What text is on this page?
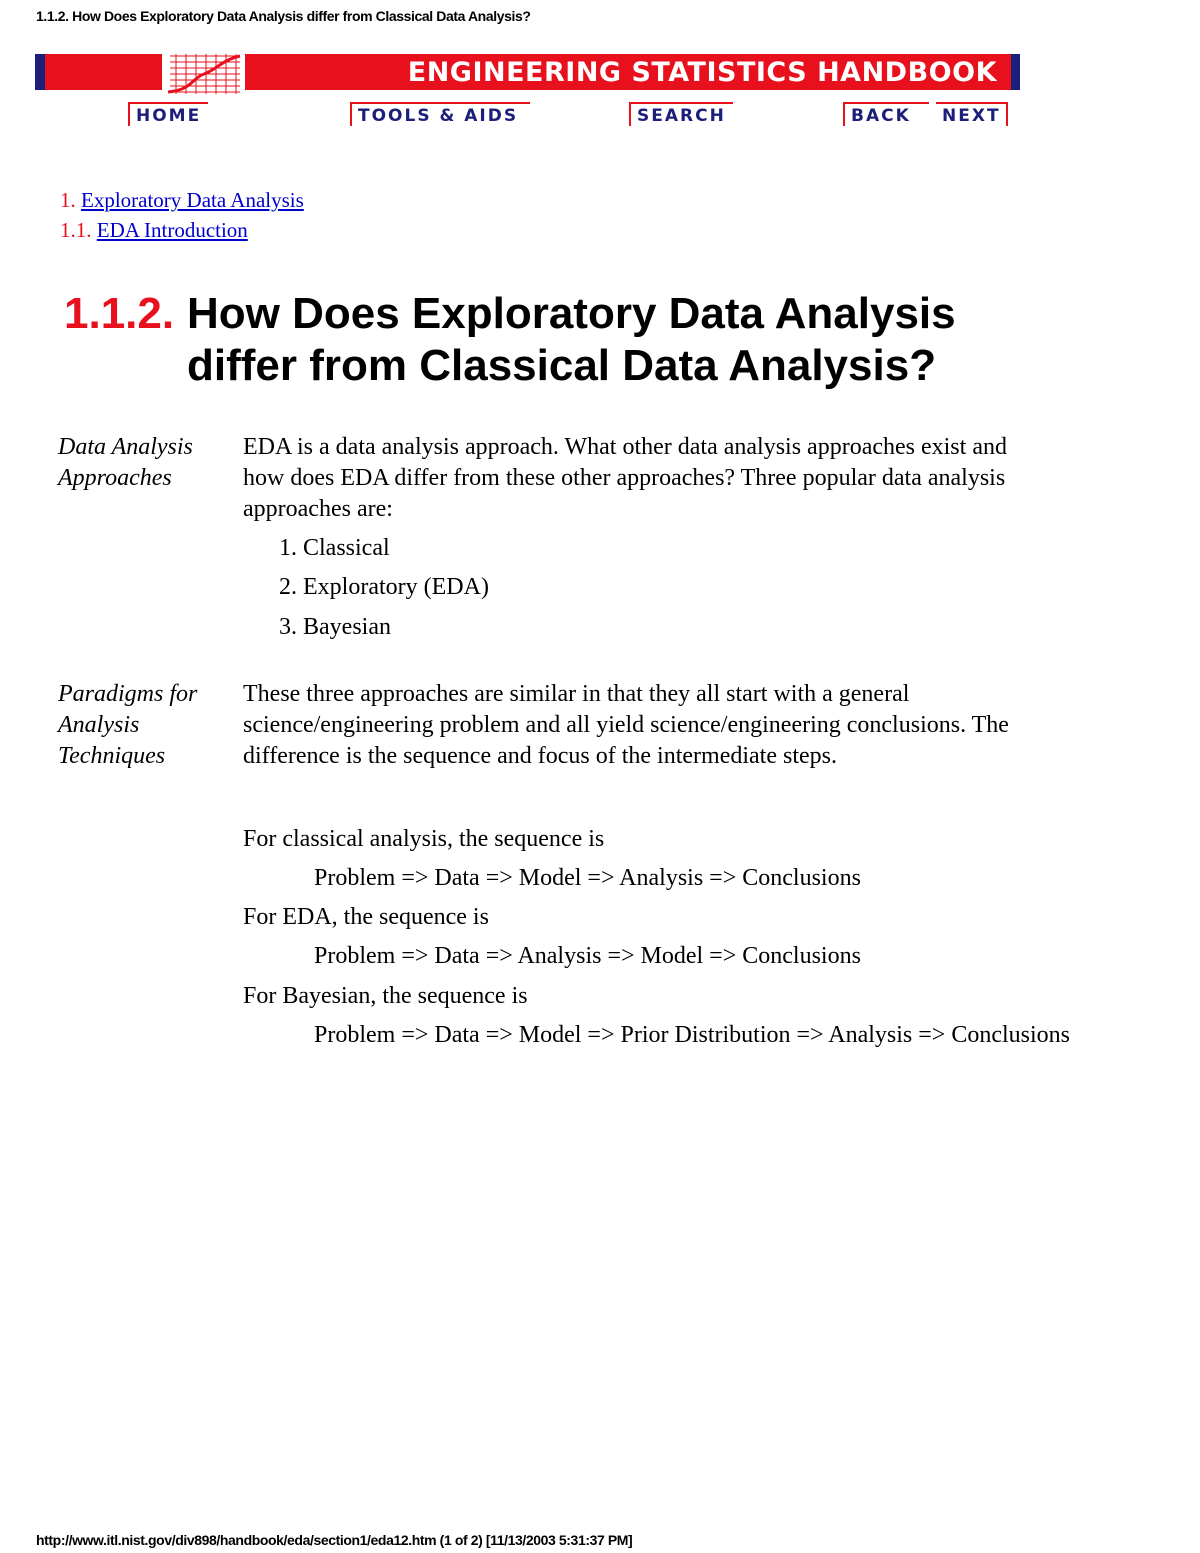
1.1.2. How Does Exploratory Data Analysis differ from Classical Data Analysis?
ENGINEERING STATISTICS HANDBOOK
HOME	TOOLS & AIDS	SEARCH	BACK	NEXT
1. Exploratory Data Analysis
1.1. EDA Introduction
1.1.2. How Does Exploratory Data Analysis differ from Classical Data Analysis?
Data Analysis Approaches
EDA is a data analysis approach. What other data analysis approaches exist and how does EDA differ from these other approaches? Three popular data analysis approaches are:
1. Classical
2. Exploratory (EDA)
3. Bayesian
Paradigms for Analysis Techniques
These three approaches are similar in that they all start with a general science/engineering problem and all yield science/engineering conclusions. The difference is the sequence and focus of the intermediate steps.
For classical analysis, the sequence is
Problem => Data => Model => Analysis => Conclusions
For EDA, the sequence is
Problem => Data => Analysis => Model => Conclusions
For Bayesian, the sequence is
Problem => Data => Model => Prior Distribution => Analysis => Conclusions
http://www.itl.nist.gov/div898/handbook/eda/section1/eda12.htm (1 of 2) [11/13/2003 5:31:37 PM]
